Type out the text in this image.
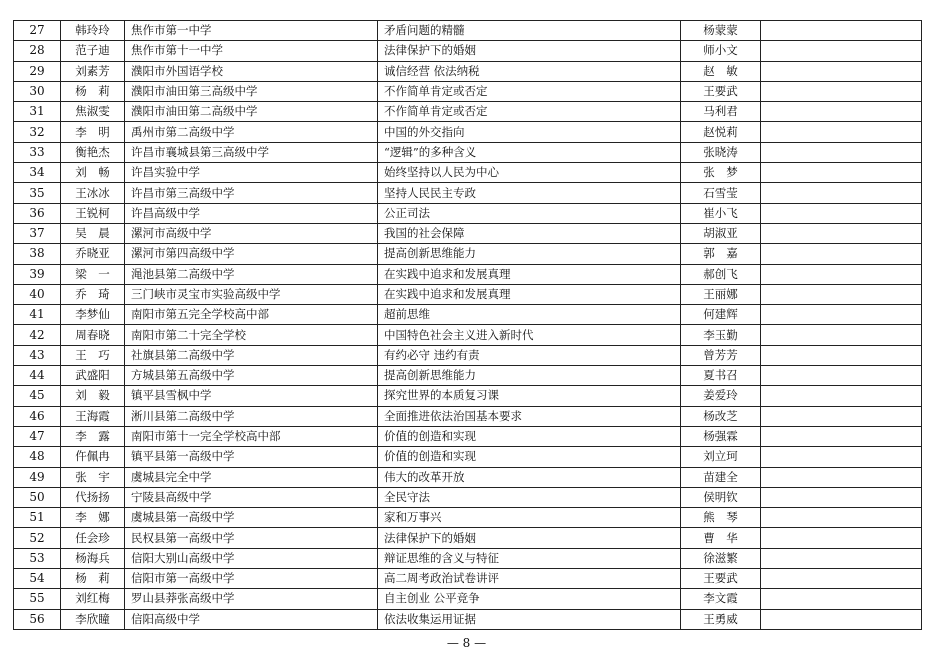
27	韩玲玲	焦作市第一中学	矛盾问题的精髓	杨蒙蒙	
28	范子迪	焦作市第十一中学	法律保护下的婚姻	师小文	
29	刘素芳	濮阳市外国语学校	诚信经营 依法纳税	赵　敏	
30	杨　莉	濮阳市油田第三高级中学	不作简单肯定或否定	王要武	
31	焦淑雯	濮阳市油田第二高级中学	不作简单肯定或否定	马利君	
32	李　明	禹州市第二高级中学	中国的外交指向	赵悦莉	
33	衡艳杰	许昌市襄城县第三高级中学	“逻辑”的多种含义	张晓涛	
34	刘　畅	许昌实验中学	始终坚持以人民为中心	张　梦	
35	王冰冰	许昌市第三高级中学	坚持人民民主专政	石雪莹	
36	王锐柯	许昌高级中学	公正司法	崔小飞	
37	吴　晨	漯河市高级中学	我国的社会保障	胡淑亚	
38	乔晓亚	漯河市第四高级中学	提高创新思维能力	郭　嘉	
39	梁　一	渑池县第二高级中学	在实践中追求和发展真理	郝创飞	
40	乔　琦	三门峡市灵宝市实验高级中学	在实践中追求和发展真理	王丽娜	
41	李梦仙	南阳市第五完全学校高中部	超前思维	何建辉	
42	周春晓	南阳市第二十完全学校	中国特色社会主义进入新时代	李玉勤	
43	王　巧	社旗县第二高级中学	有约必守 违约有责	曾芳芳	
44	武盛阳	方城县第五高级中学	提高创新思维能力	夏书召	
45	刘　毅	镇平县雪枫中学	探究世界的本质复习课	姜爱玲	
46	王海霞	淅川县第二高级中学	全面推进依法治国基本要求	杨改芝	
47	李　露	南阳市第十一完全学校高中部	价值的创造和实现	杨强霖	
48	仵佩冉	镇平县第一高级中学	价值的创造和实现	刘立珂	
49	张　宇	虞城县完全中学	伟大的改革开放	苗建全	
50	代扬扬	宁陵县高级中学	全民守法	侯明钦	
51	李　娜	虞城县第一高级中学	家和万事兴	熊　琴	
52	任会珍	民权县第一高级中学	法律保护下的婚姻	曹　华	
53	杨海兵	信阳大别山高级中学	辩证思维的含义与特征	徐滋繁	
54	杨　莉	信阳市第一高级中学	高二周考政治试卷讲评	王要武	
55	刘红梅	罗山县莽张高级中学	自主创业 公平竞争	李文霞	
56	李欣瞳	信阳高级中学	依法收集运用证据	王勇威	
— 8 —
